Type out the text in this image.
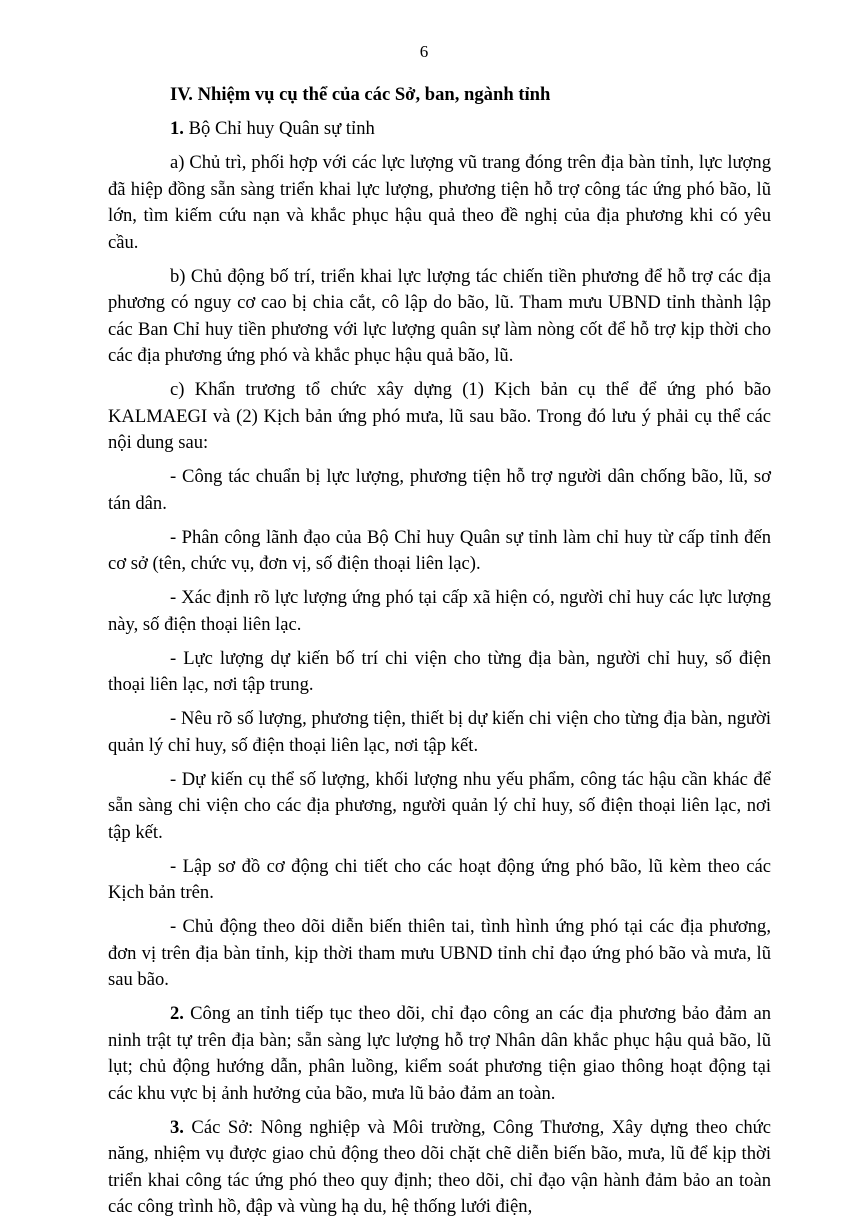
6

IV. Nhiệm vụ cụ thể của các Sở, ban, ngành tỉnh

1. Bộ Chỉ huy Quân sự tỉnh

a) Chủ trì, phối hợp với các lực lượng vũ trang đóng trên địa bàn tỉnh, lực lượng đã hiệp đồng sẵn sàng triển khai lực lượng, phương tiện hỗ trợ công tác ứng phó bão, lũ lớn, tìm kiếm cứu nạn và khắc phục hậu quả theo đề nghị của địa phương khi có yêu cầu.

b) Chủ động bố trí, triển khai lực lượng tác chiến tiền phương để hỗ trợ các địa phương có nguy cơ cao bị chia cắt, cô lập do bão, lũ. Tham mưu UBND tỉnh thành lập các Ban Chỉ huy tiền phương với lực lượng quân sự làm nòng cốt để hỗ trợ kịp thời cho các địa phương ứng phó và khắc phục hậu quả bão, lũ.

c) Khẩn trương tổ chức xây dựng (1) Kịch bản cụ thể để ứng phó bão KALMAEGI và (2) Kịch bản ứng phó mưa, lũ sau bão. Trong đó lưu ý phải cụ thể các nội dung sau:

- Công tác chuẩn bị lực lượng, phương tiện hỗ trợ người dân chống bão, lũ, sơ tán dân.

- Phân công lãnh đạo của Bộ Chỉ huy Quân sự tỉnh làm chỉ huy từ cấp tỉnh đến cơ sở (tên, chức vụ, đơn vị, số điện thoại liên lạc).

- Xác định rõ lực lượng ứng phó tại cấp xã hiện có, người chỉ huy các lực lượng này, số điện thoại liên lạc.

- Lực lượng dự kiến bố trí chi viện cho từng địa bàn, người chỉ huy, số điện thoại liên lạc, nơi tập trung.

- Nêu rõ số lượng, phương tiện, thiết bị dự kiến chi viện cho từng địa bàn, người quản lý chỉ huy, số điện thoại liên lạc, nơi tập kết.

- Dự kiến cụ thể số lượng, khối lượng nhu yếu phẩm, công tác hậu cần khác để sẵn sàng chi viện cho các địa phương, người quản lý chỉ huy, số điện thoại liên lạc, nơi tập kết.

- Lập sơ đồ cơ động chi tiết cho các hoạt động ứng phó bão, lũ kèm theo các Kịch bản trên.

- Chủ động theo dõi diễn biến thiên tai, tình hình ứng phó tại các địa phương, đơn vị trên địa bàn tỉnh, kịp thời tham mưu UBND tỉnh chỉ đạo ứng phó bão và mưa, lũ sau bão.

2. Công an tỉnh tiếp tục theo dõi, chỉ đạo công an các địa phương bảo đảm an ninh trật tự trên địa bàn; sẵn sàng lực lượng hỗ trợ Nhân dân khắc phục hậu quả bão, lũ lụt; chủ động hướng dẫn, phân luồng, kiểm soát phương tiện giao thông hoạt động tại các khu vực bị ảnh hưởng của bão, mưa lũ bảo đảm an toàn.

3. Các Sở: Nông nghiệp và Môi trường, Công Thương, Xây dựng theo chức năng, nhiệm vụ được giao chủ động theo dõi chặt chẽ diễn biến bão, mưa, lũ để kịp thời triển khai công tác ứng phó theo quy định; theo dõi, chỉ đạo vận hành đảm bảo an toàn các công trình hồ, đập và vùng hạ du, hệ thống lưới điện,
